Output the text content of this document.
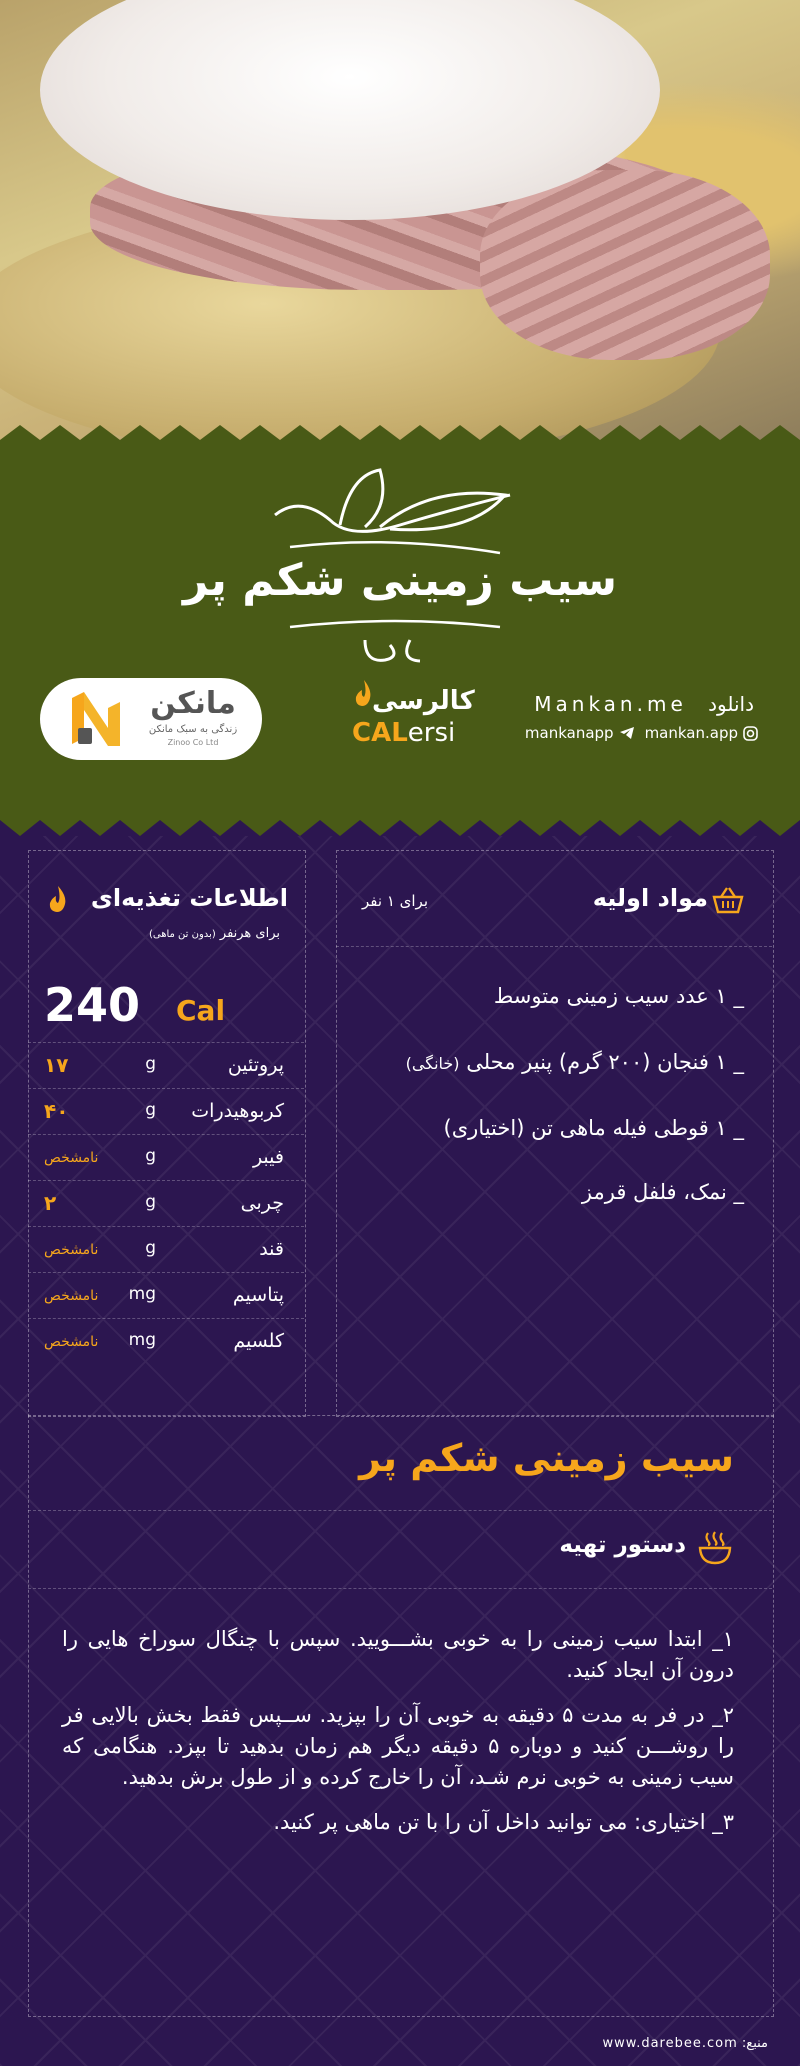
سیب زمینی شکم پر
مانکن
زندگی به سبک مانکن
Zinoo Co Ltd
کالرسی
CALersi
Mankan.me دانلود
mankanapp mankan.app
اطلاعات تغذیه‌ای
برای هرنفر (بدون تن ماهی)
240 Cal
پروتئین
g
۱۷
کربوهیدرات
g
۴۰
فیبر
g
نامشخص
چربی
g
۲
قند
g
نامشخص
پتاسیم
mg
نامشخص
کلسیم
mg
نامشخص
مواد اولیه
برای ۱ نفر
_ ۱ عدد سیب زمینی متوسط
_ ۱ فنجان (۲۰۰ گرم) پنیر محلی (خانگی)
_ ۱ قوطی فیله ماهی تن (اختیاری)
_ نمک، فلفل قرمز
سیب زمینی شکم پر
دستور تهیه

۱_ ابتدا سیب زمینی را به خوبی بشـــویید. سپس با چنگال سوراخ هایی را درون آن ایجاد کنید.

۲_ در فر به مدت ۵ دقیقه به خوبی آن را بپزید. ســپس فقط بخش بالایی فر را روشـــن کنید و دوباره ۵ دقیقه دیگر هم زمان بدهید تا بپزد. هنگامی که سیب زمینی به خوبی نرم شـد، آن را خارج کرده و از طول برش بدهید.

۳_ اختیاری: می توانید داخل آن را با تن ماهی پر کنید.

منبع: www.darebee.com
